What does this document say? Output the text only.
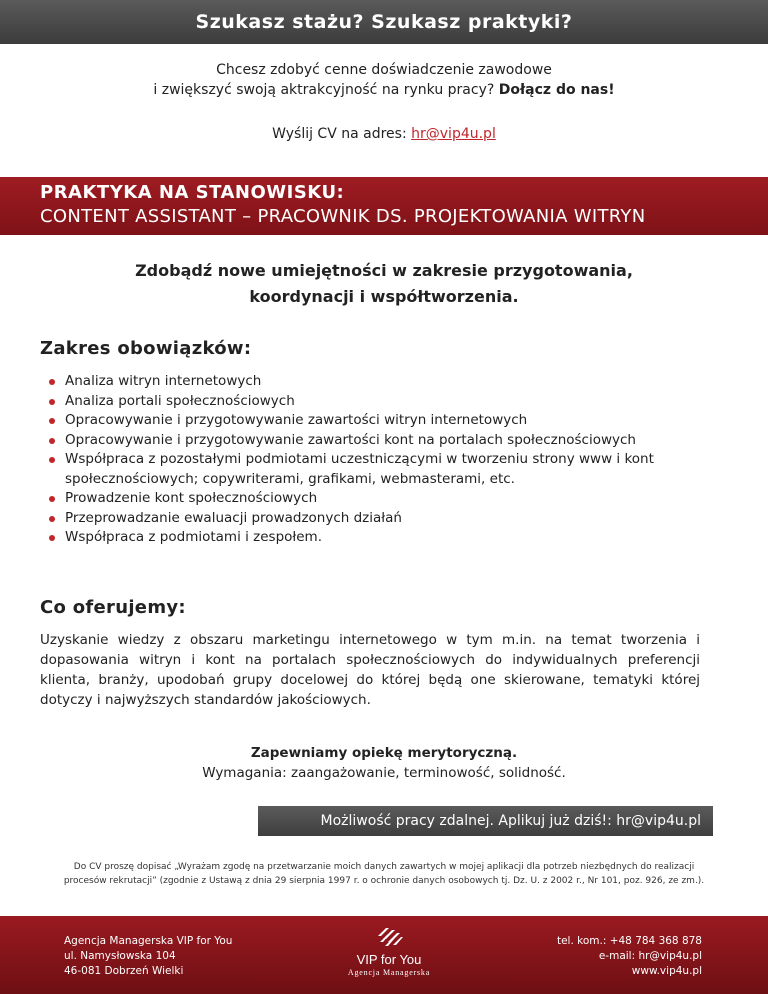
Szukasz stażu? Szukasz praktyki?
Chcesz zdobyć cenne doświadczenie zawodowe
i zwiększyć swoją aktrakcyjność na rynku pracy? Dołącz do nas!
Wyślij CV na adres: hr@vip4u.pl
PRAKTYKA NA STANOWISKU:
CONTENT ASSISTANT – PRACOWNIK DS. PROJEKTOWANIA WITRYN
Zdobądź nowe umiejętności w zakresie przygotowania,
koordynacji i współtworzenia.
Zakres obowiązków:
Analiza witryn internetowych
Analiza portali społecznościowych
Opracowywanie i przygotowywanie zawartości witryn internetowych
Opracowywanie i przygotowywanie zawartości kont na portalach społecznościowych
Współpraca z pozostałymi podmiotami uczestniczącymi w tworzeniu strony www i kont społecznościowych; copywriterami, grafikami, webmasterami, etc.
Prowadzenie kont społecznościowych
Przeprowadzanie ewaluacji prowadzonych działań
Współpraca z podmiotami i zespołem.
Co oferujemy:
Uzyskanie wiedzy z obszaru marketingu internetowego w tym m.in. na temat tworzenia i dopasowania witryn i kont na portalach społecznościowych do indywidualnych preferencji klienta, branży, upodobań grupy docelowej do której będą one skierowane, tematyki której dotyczy i najwyższych standardów jakościowych.
Zapewniamy opiekę merytoryczną.
Wymagania: zaangażowanie, terminowość, solidność.
Możliwość pracy zdalnej. Aplikuj już dziś!: hr@vip4u.pl
Do CV proszę dopisać „Wyrażam zgodę na przetwarzanie moich danych zawartych w mojej aplikacji dla potrzeb niezbędnych do realizacji procesów rekrutacji” (zgodnie z Ustawą z dnia 29 sierpnia 1997 r. o ochronie danych osobowych tj. Dz. U. z 2002 r., Nr 101, poz. 926, ze zm.).
Agencja Managerska VIP for You
ul. Namysłowska 104
46-081 Dobrzeń Wielki
VIP for You
Agencja Managerska
tel. kom.: +48 784 368 878
e-mail: hr@vip4u.pl
www.vip4u.pl
